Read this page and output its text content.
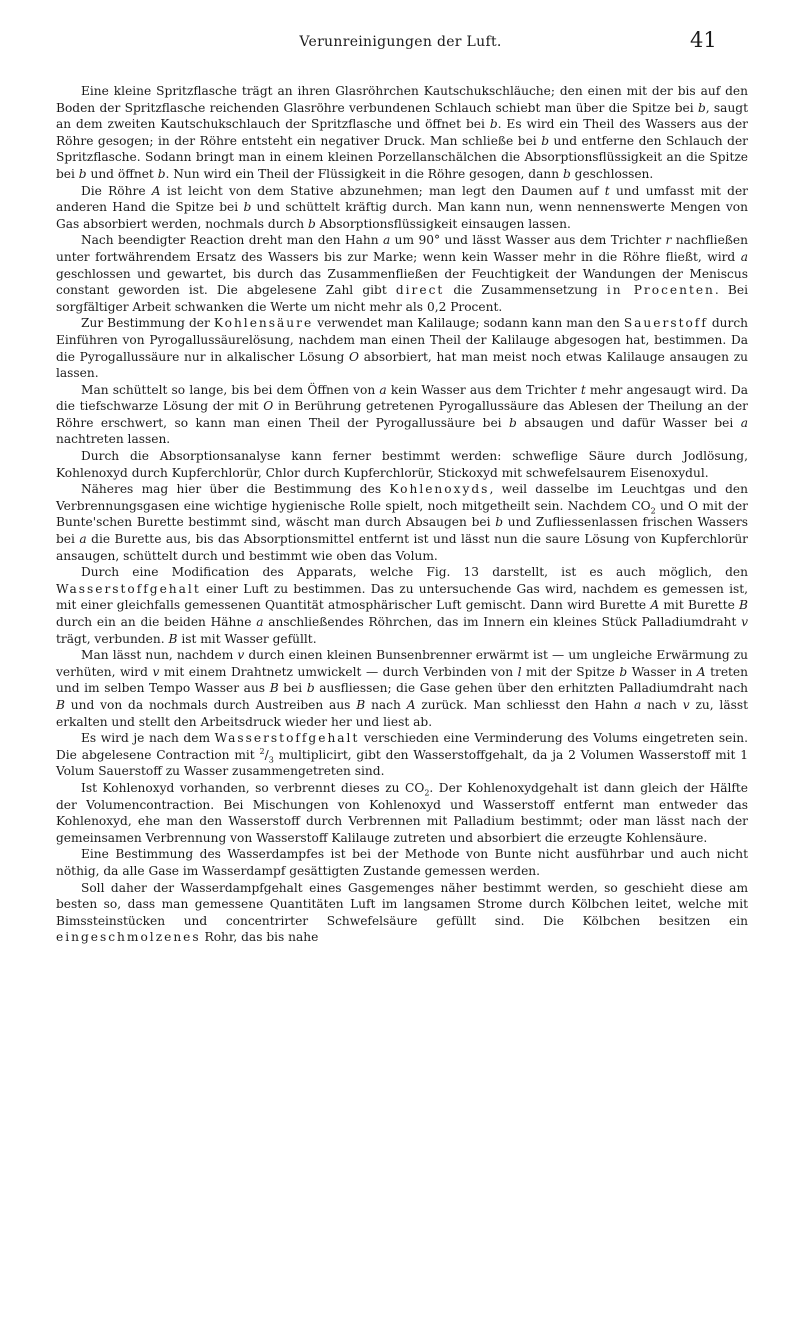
Verunreinigungen der Luft.	41

Eine kleine Spritzflasche trägt an ihren Glasröhrchen Kautschukschläuche; den einen mit der bis auf den Boden der Spritzflasche reichenden Glasröhre verbundenen Schlauch schiebt man über die Spitze bei b, saugt an dem zweiten Kautschukschlauch der Spritzflasche und öffnet bei b. Es wird ein Theil des Wassers aus der Röhre gesogen; in der Röhre entsteht ein negativer Druck. Man schließe bei b und entferne den Schlauch der Spritzflasche. Sodann bringt man in einem kleinen Porzellanschälchen die Absorptionsflüssigkeit an die Spitze bei b und öffnet b. Nun wird ein Theil der Flüssigkeit in die Röhre gesogen, dann b geschlossen.

Die Röhre A ist leicht von dem Stative abzunehmen; man legt den Daumen auf t und umfasst mit der anderen Hand die Spitze bei b und schüttelt kräftig durch. Man kann nun, wenn nennenswerte Mengen von Gas absorbiert werden, nochmals durch b Absorptionsflüssigkeit einsaugen lassen.

Nach beendigter Reaction dreht man den Hahn a um 90° und lässt Wasser aus dem Trichter r nachfließen unter fortwährendem Ersatz des Wassers bis zur Marke; wenn kein Wasser mehr in die Röhre fließt, wird a geschlossen und gewartet, bis durch das Zusammenfließen der Feuchtigkeit der Wandungen der Meniscus constant geworden ist. Die abgelesene Zahl gibt direct die Zusammensetzung in Procenten. Bei sorgfältiger Arbeit schwanken die Werte um nicht mehr als 0,2 Procent.

Zur Bestimmung der Kohlensäure verwendet man Kalilauge; sodann kann man den Sauerstoff durch Einführen von Pyrogallussäurelösung, nachdem man einen Theil der Kalilauge abgesogen hat, bestimmen. Da die Pyrogallussäure nur in alkalischer Lösung O absorbiert, hat man meist noch etwas Kalilauge ansaugen zu lassen.

Man schüttelt so lange, bis bei dem Öffnen von a kein Wasser aus dem Trichter t mehr angesaugt wird. Da die tiefschwarze Lösung der mit O in Berührung getretenen Pyrogallussäure das Ablesen der Theilung an der Röhre erschwert, so kann man einen Theil der Pyrogallussäure bei b absaugen und dafür Wasser bei a nachtreten lassen.

Durch die Absorptionsanalyse kann ferner bestimmt werden: schweflige Säure durch Jodlösung, Kohlenoxyd durch Kupferchlorür, Chlor durch Kupferchlorür, Stickoxyd mit schwefelsaurem Eisenoxydul.

Näheres mag hier über die Bestimmung des Kohlenoxyds, weil dasselbe im Leuchtgas und den Verbrennungsgasen eine wichtige hygienische Rolle spielt, noch mitgetheilt sein. Nachdem $CO_2$ und O mit der Bunte'schen Burette bestimmt sind, wäscht man durch Absaugen bei b und Zufliessenlassen frischen Wassers bei a die Burette aus, bis das Absorptionsmittel entfernt ist und lässt nun die saure Lösung von Kupferchlorür ansaugen, schüttelt durch und bestimmt wie oben das Volum.

Durch eine Modification des Apparats, welche Fig. 13 darstellt, ist es auch möglich, den Wasserstoffgehalt einer Luft zu bestimmen. Das zu untersuchende Gas wird, nachdem es gemessen ist, mit einer gleichfalls gemessenen Quantität atmosphärischer Luft gemischt. Dann wird Burette A mit Burette B durch ein an die beiden Hähne a anschließendes Röhrchen, das im Innern ein kleines Stück Palladiumdraht v trägt, verbunden. B ist mit Wasser gefüllt.

Man lässt nun, nachdem v durch einen kleinen Bunsenbrenner erwärmt ist — um ungleiche Erwärmung zu verhüten, wird v mit einem Drahtnetz umwickelt — durch Verbinden von l mit der Spitze b Wasser in A treten und im selben Tempo Wasser aus B bei b ausfliessen; die Gase gehen über den erhitzten Palladiumdraht nach B und von da nochmals durch Austreiben aus B nach A zurück. Man schliesst den Hahn a nach v zu, lässt erkalten und stellt den Arbeitsdruck wieder her und liest ab.

Es wird je nach dem Wasserstoffgehalt verschieden eine Verminderung des Volums eingetreten sein. Die abgelesene Contraction mit $^2/_3$ multiplicirt, gibt den Wasserstoffgehalt, da ja 2 Volumen Wasserstoff mit 1 Volum Sauerstoff zu Wasser zusammengetreten sind.

Ist Kohlenoxyd vorhanden, so verbrennt dieses zu $CO_2$. Der Kohlenoxydgehalt ist dann gleich der Hälfte der Volumencontraction. Bei Mischungen von Kohlenoxyd und Wasserstoff entfernt man entweder das Kohlenoxyd, ehe man den Wasserstoff durch Verbrennen mit Palladium bestimmt; oder man lässt nach der gemeinsamen Verbrennung von Wasserstoff Kalilauge zutreten und absorbiert die erzeugte Kohlensäure.

Eine Bestimmung des Wasserdampfes ist bei der Methode von Bunte nicht ausführbar und auch nicht nöthig, da alle Gase im Wasserdampf gesättigten Zustande gemessen werden.

Soll daher der Wasserdampfgehalt eines Gasgemenges näher bestimmt werden, so geschieht diese am besten so, dass man gemessene Quantitäten Luft im langsamen Strome durch Kölbchen leitet, welche mit Bimssteinstücken und concentrirter Schwefelsäure gefüllt sind. Die Kölbchen besitzen ein eingeschmolzenes Rohr, das bis nahe
